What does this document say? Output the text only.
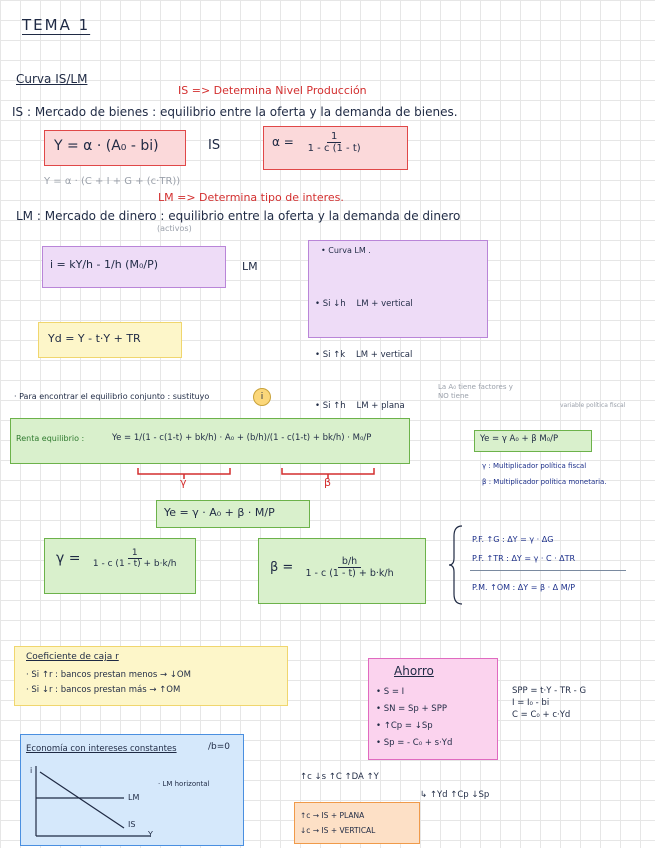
TEMA 1
Curva IS/LM
IS => Determina Nivel Producción
IS : Mercado de bienes : equilibrio entre la oferta y la demanda de bienes.
Y = α · (A₀ - bi)	IS	$\alpha = \frac{1}{1 - c (1 - t)}$
Y = α · (C + I + G + (c·TR))
LM => Determina tipo de interes.
LM : Mercado de dinero : equilibrio entre la oferta y la demanda de dinero
(activos)
i = kY/h - 1/h (M₀/P)	LM
• Curva LM .

• Si ↓h    LM + vertical

• Si ↑k    LM + vertical

• Si ↑h    LM + plana

Yd = Y - t·Y + TR
· Para encontrar el equilibrio conjunto : sustituyo	i
La A₀ tiene factores y NO tiene
variable política fiscal
Renta equilibrio :	Ye = 1/(1 - c(1-t) + bk/h) · A₀ + (b/h)/(1 - c(1-t) + bk/h) · M₀/P
γ	β
Ye = γ A₀ + β M₀/P
γ : Multiplicador política fiscal
β : Multiplicador política monetaria.
Ye = γ · A₀ + β · M/P
$\gamma = \frac{1}{1 - c (1 - t) + b\cdot k/h}$	$\beta = \frac{b/h}{1 - c (1 - t) + b\cdot k/h}$
P.F. ↑G : ΔY = γ · ΔG
P.F. ↑TR : ΔY = γ · C · ΔTR
P.M. ↑OM : ΔY = β · Δ M/P
Coeficiente de caja r
· Si ↑r : bancos prestan menos → ↓OM
· Si ↓r : bancos prestan más → ↑OM
Ahorro
• S = I
• SN = Sp + SPP
• ↑Cp = ↓Sp
• Sp = - C₀ + s·Yd
SPP = t·Y - TR - G
I = I₀ - bi
C = C₀ + c·Yd
Economía con intereses constantes	/b=0
· LM horizontal
i
Y
LM
IS
↑c ↓s ↑C ↑DA ↑Y
↳ ↑Yd ↑Cp ↓Sp
↑c → IS + PLANA
↓c → IS + VERTICAL
